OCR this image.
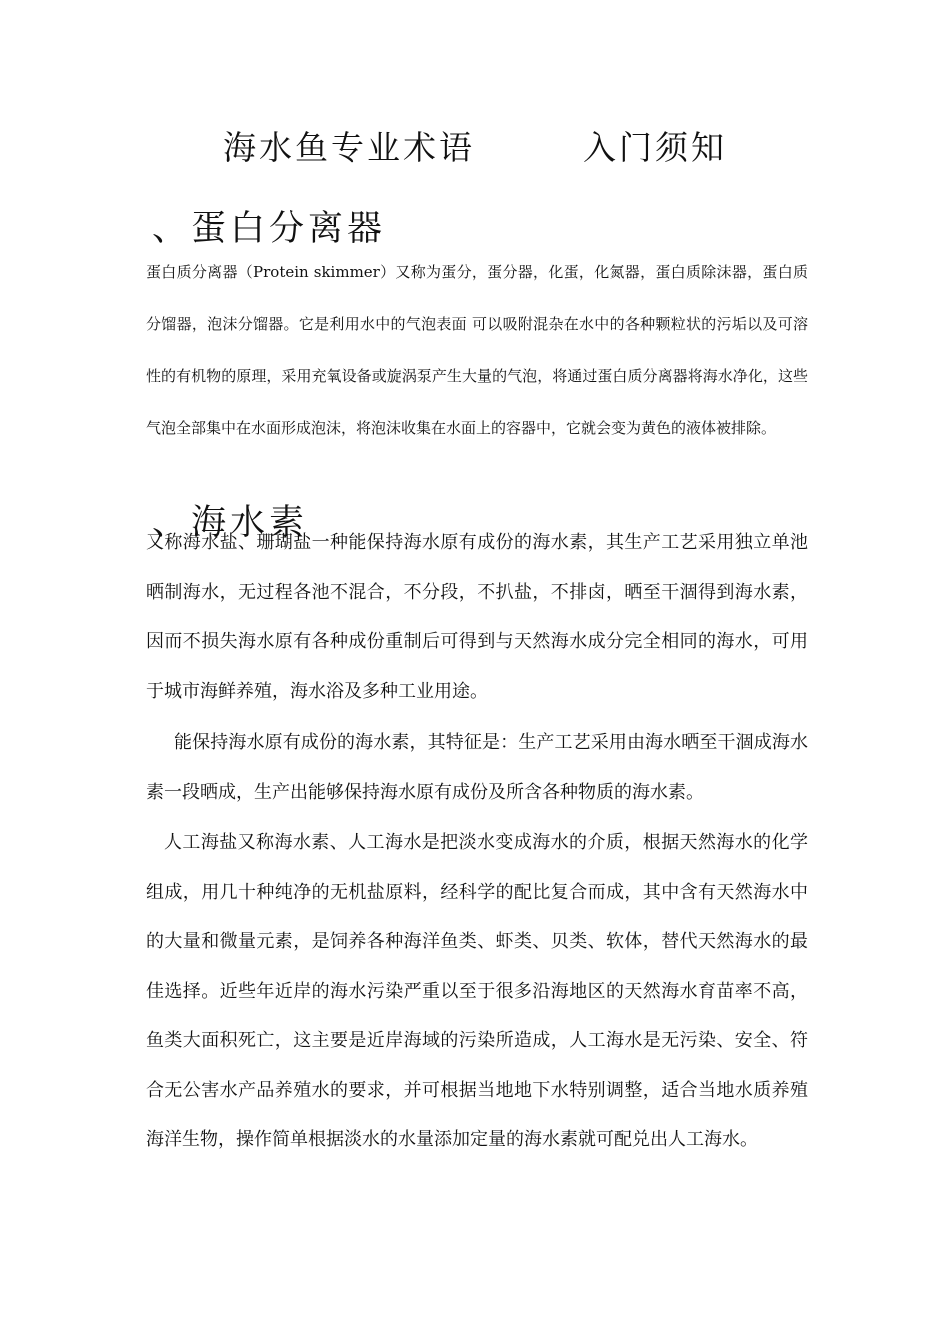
海水鱼专业术语        入门须知
、蛋白分离器

蛋白质分离器（Protein skimmer）又称为蛋分，蛋分器，化蛋，化氮器，蛋白质除沫器，蛋白质分馏器，泡沫分馏器。它是利用水中的气泡表面 可以吸附混杂在水中的各种颗粒状的污垢以及可溶性的有机物的原理，采用充氧设备或旋涡泵产生大量的气泡，将通过蛋白质分离器将海水净化，这些气泡全部集中在水面形成泡沫，将泡沫收集在水面上的容器中，它就会变为黄色的液体被排除。

、海水素

又称海水盐、珊瑚盐一种能保持海水原有成份的海水素，其生产工艺采用独立单池晒制海水，无过程各池不混合，不分段，不扒盐，不排卤，晒至干涸得到海水素，因而不损失海水原有各种成份重制后可得到与天然海水成分完全相同的海水，可用于城市海鲜养殖，海水浴及多种工业用途。

能保持海水原有成份的海水素，其特征是：生产工艺采用由海水晒至干涸成海水素一段晒成，生产出能够保持海水原有成份及所含各种物质的海水素。

人工海盐又称海水素、人工海水是把淡水变成海水的介质，根据天然海水的化学组成，用几十种纯净的无机盐原料，经科学的配比复合而成，其中含有天然海水中的大量和微量元素，是饲养各种海洋鱼类、虾类、贝类、软体，替代天然海水的最佳选择。近些年近岸的海水污染严重以至于很多沿海地区的天然海水育苗率不高，鱼类大面积死亡，这主要是近岸海域的污染所造成，人工海水是无污染、安全、符合无公害水产品养殖水的要求，并可根据当地地下水特别调整，适合当地水质养殖海洋生物，操作简单根据淡水的水量添加定量的海水素就可配兑出人工海水。
